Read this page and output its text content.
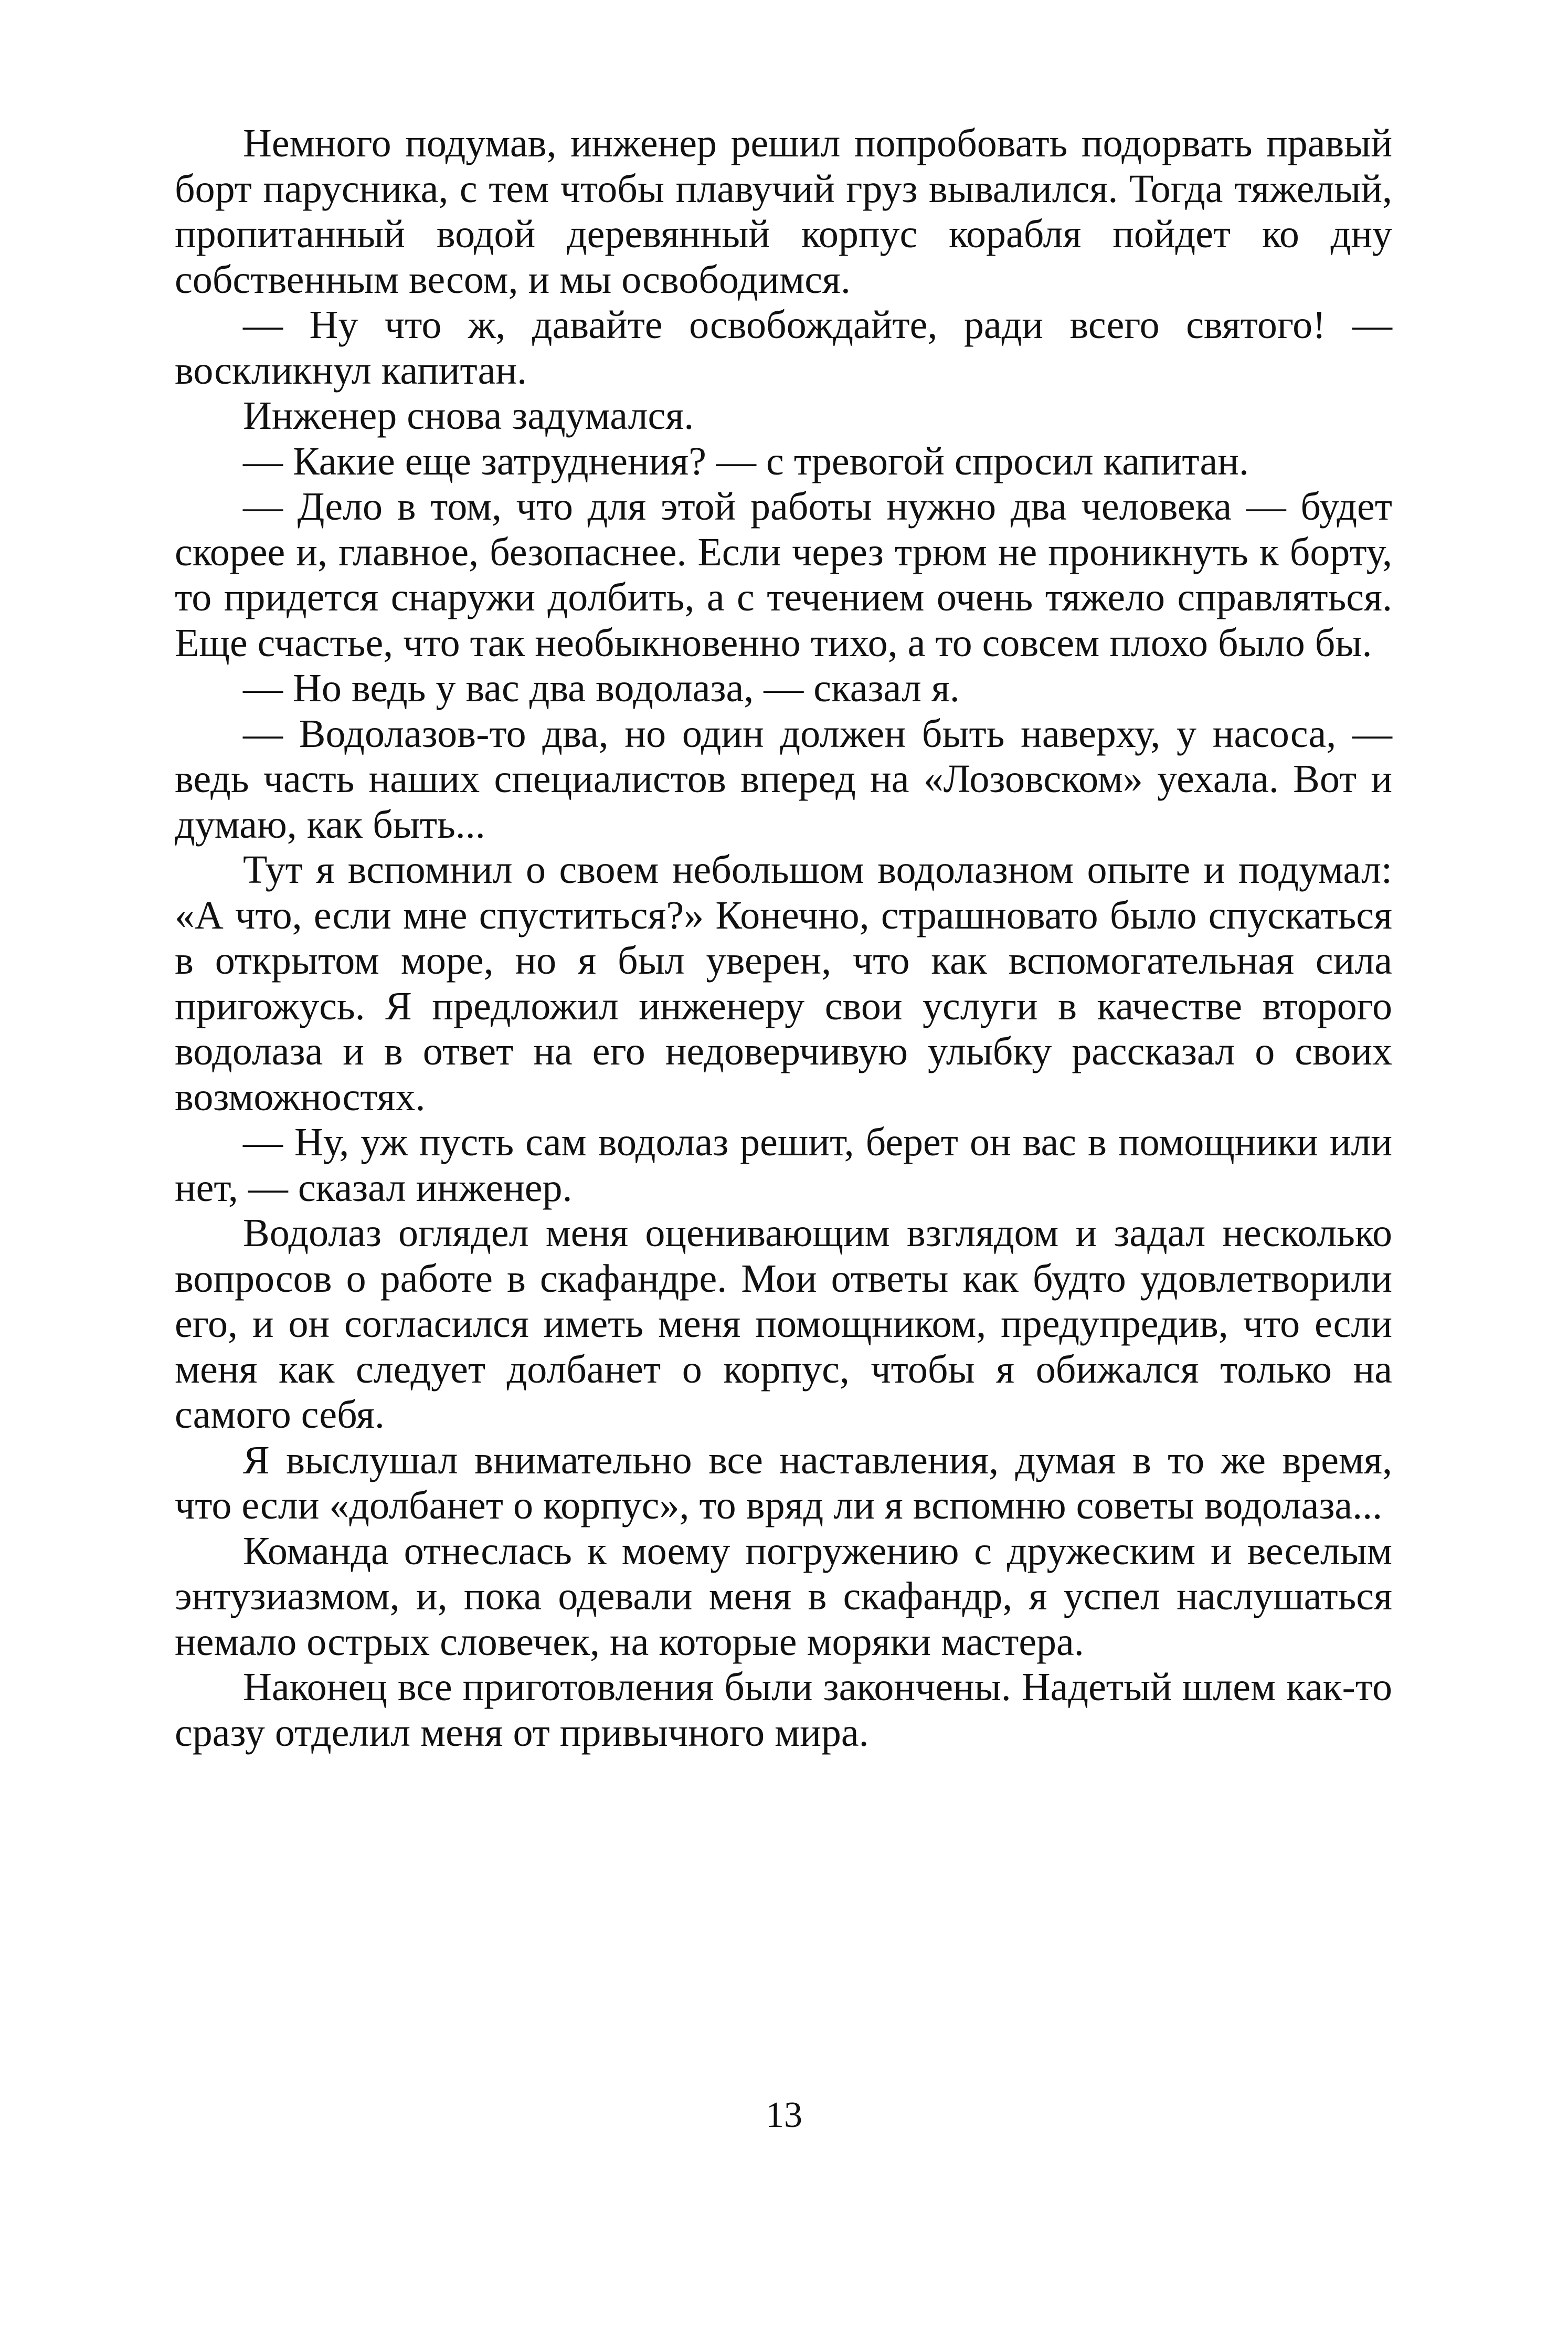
Немного подумав, инженер решил попробовать подорвать правый борт парусника, с тем чтобы плавучий груз вывалился. Тогда тяжелый, пропитанный водой деревянный корпус корабля пойдет ко дну собственным весом, и мы освободимся.

— Ну что ж, давайте освобождайте, ради всего святого! — воскликнул капитан.

Инженер снова задумался.

— Какие еще затруднения? — с тревогой спросил капитан.

— Дело в том, что для этой работы нужно два человека — будет скорее и, главное, безопаснее. Если через трюм не проникнуть к борту, то придется снаружи долбить, а с течением очень тяжело справляться. Еще счастье, что так необыкновенно тихо, а то совсем плохо было бы.

— Но ведь у вас два водолаза, — сказал я.

— Водолазов-то два, но один должен быть наверху, у насоса, — ведь часть наших специалистов вперед на «Лозовском» уехала. Вот и думаю, как быть...

Тут я вспомнил о своем небольшом водолазном опыте и подумал: «А что, если мне спуститься?» Конечно, страшновато было спускаться в открытом море, но я был уверен, что как вспомогательная сила пригожусь. Я предложил инженеру свои услуги в качестве второго водолаза и в ответ на его недоверчивую улыбку рассказал о своих возможностях.

— Ну, уж пусть сам водолаз решит, берет он вас в помощники или нет, — сказал инженер.

Водолаз оглядел меня оценивающим взглядом и задал несколько вопросов о работе в скафандре. Мои ответы как будто удовлетворили его, и он согласился иметь меня помощником, предупредив, что если меня как следует долбанет о корпус, чтобы я обижался только на самого себя.

Я выслушал внимательно все наставления, думая в то же время, что если «долбанет о корпус», то вряд ли я вспомню советы водолаза...

Команда отнеслась к моему погружению с дружеским и веселым энтузиазмом, и, пока одевали меня в скафандр, я успел наслушаться немало острых словечек, на которые моряки мастера.

Наконец все приготовления были закончены. Надетый шлем как-то сразу отделил меня от привычного мира.

13
